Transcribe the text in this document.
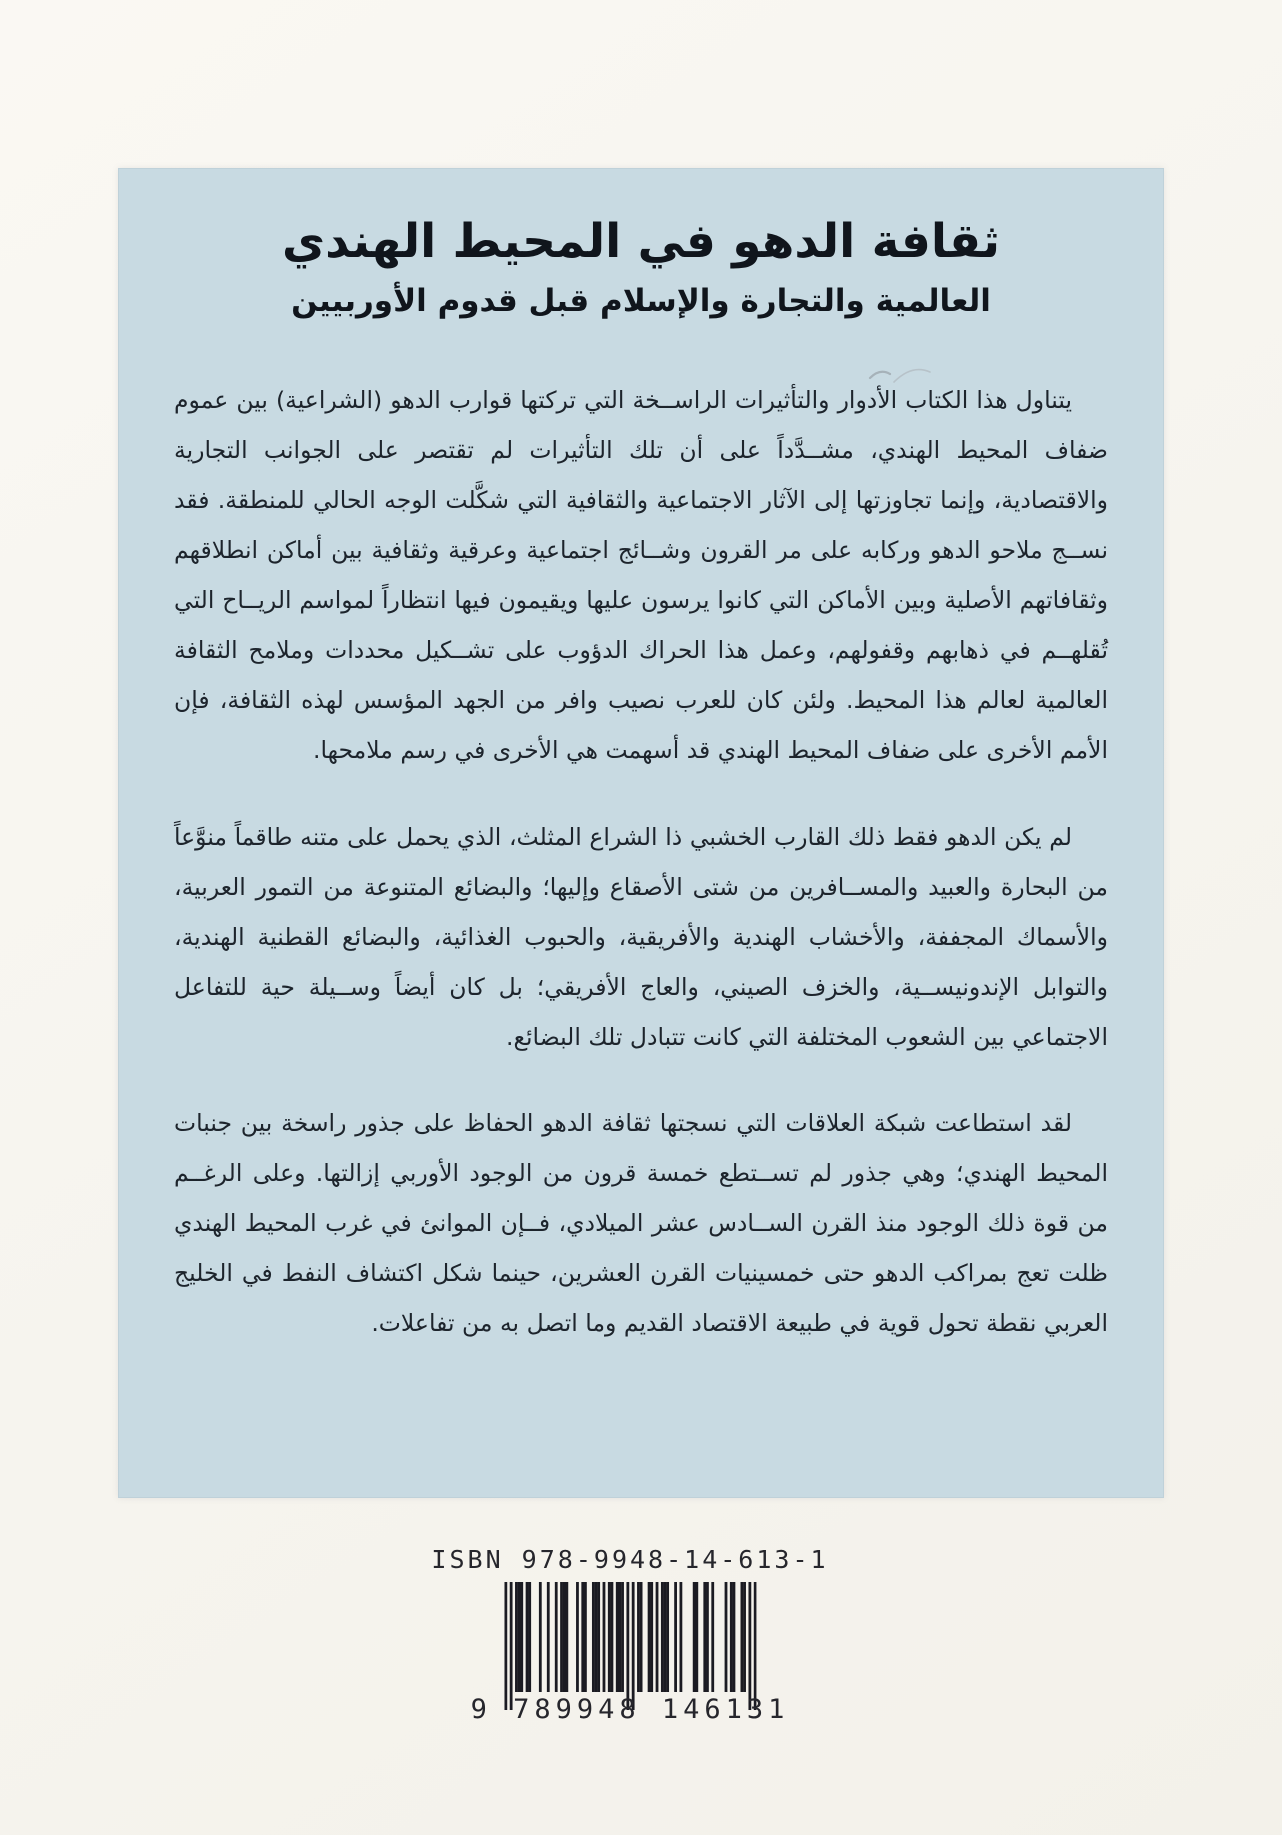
ثقافة الدهو في المحيط الهندي
العالمية والتجارة والإسلام قبل قدوم الأوربيين

يتناول هذا الكتاب الأدوار والتأثيرات الراســخة التي تركتها قوارب الدهو (الشراعية) بين عموم ضفاف المحيط الهندي، مشــدَّداً على أن تلك التأثيرات لم تقتصر على الجوانب التجارية والاقتصادية، وإنما تجاوزتها إلى الآثار الاجتماعية والثقافية التي شكَّلت الوجه الحالي للمنطقة. فقد نســج ملاحو الدهو وركابه على مر القرون وشــائج اجتماعية وعرقية وثقافية بين أماكن انطلاقهم وثقافاتهم الأصلية وبين الأماكن التي كانوا يرسون عليها ويقيمون فيها انتظاراً لمواسم الريــاح التي تُقلهــم في ذهابهم وقفولهم، وعمل هذا الحراك الدؤوب على تشــكيل محددات وملامح الثقافة العالمية لعالم هذا المحيط. ولئن كان للعرب نصيب وافر من الجهد المؤسس لهذه الثقافة، فإن الأمم الأخرى على ضفاف المحيط الهندي قد أسهمت هي الأخرى في رسم ملامحها.

لم يكن الدهو فقط ذلك القارب الخشبي ذا الشراع المثلث، الذي يحمل على متنه طاقماً منوَّعاً من البحارة والعبيد والمســافرين من شتى الأصقاع وإليها؛ والبضائع المتنوعة من التمور العربية، والأسماك المجففة، والأخشاب الهندية والأفريقية، والحبوب الغذائية، والبضائع القطنية الهندية، والتوابل الإندونيســية، والخزف الصيني، والعاج الأفريقي؛ بل كان أيضاً وســيلة حية للتفاعل الاجتماعي بين الشعوب المختلفة التي كانت تتبادل تلك البضائع.

لقد استطاعت شبكة العلاقات التي نسجتها ثقافة الدهو الحفاظ على جذور راسخة بين جنبات المحيط الهندي؛ وهي جذور لم تســتطع خمسة قرون من الوجود الأوربي إزالتها. وعلى الرغــم من قوة ذلك الوجود منذ القرن الســادس عشر الميلادي، فــإن الموانئ في غرب المحيط الهندي ظلت تعج بمراكب الدهو حتى خمسينيات القرن العشرين، حينما شكل اكتشاف النفط في الخليج العربي نقطة تحول قوية في طبيعة الاقتصاد القديم وما اتصل به من تفاعلات.

ISBN 978-9948-14-613-1
9 789948 146131
